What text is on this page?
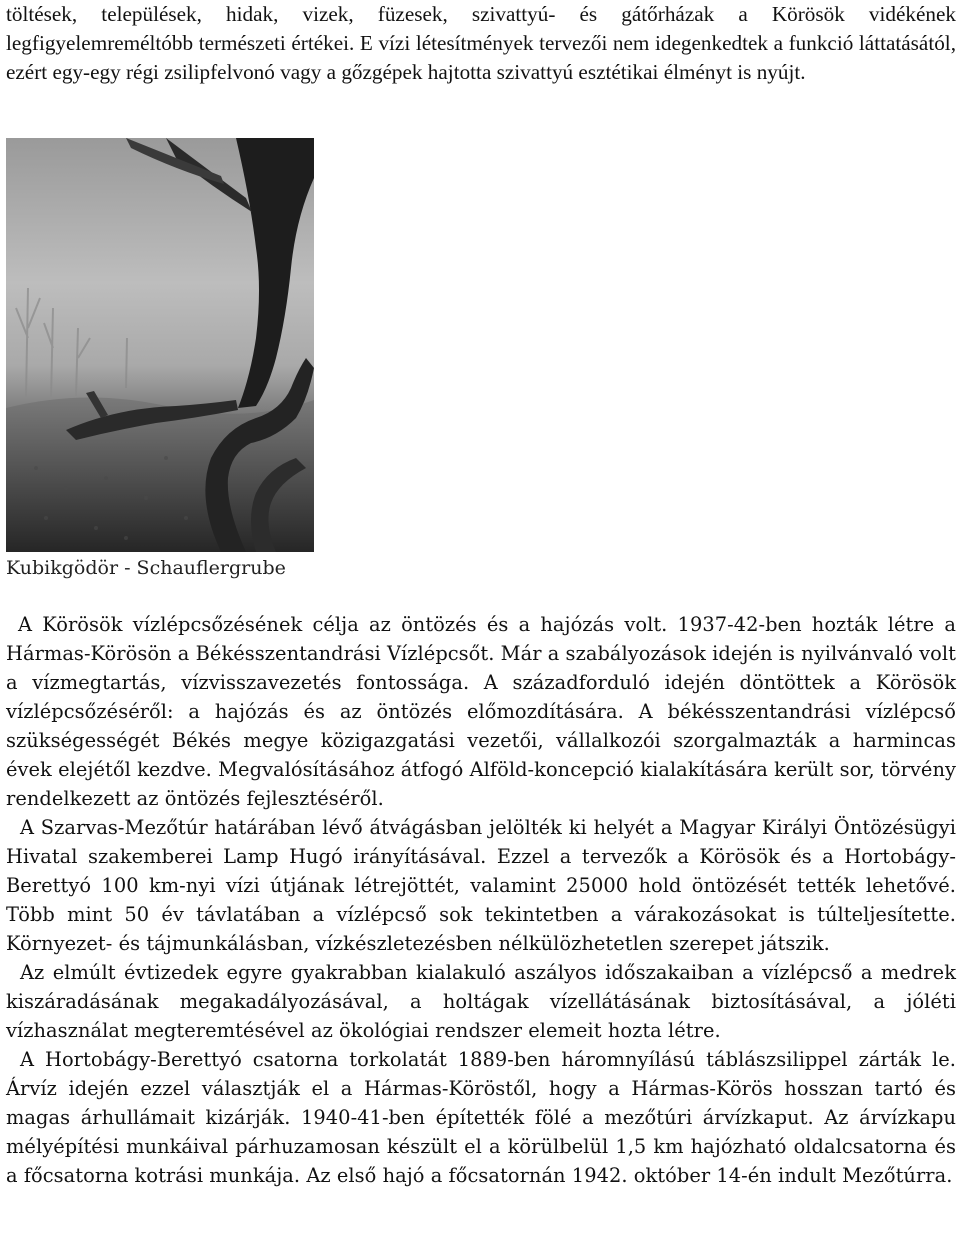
töltések, települések, hidak, vizek, füzesek, szivattyú- és gátőrházak a Körösök vidékének legfigyelemreméltóbb természeti értékei. E vízi létesítmények tervezői nem idegenkedtek a funkció láttatásától, ezért egy-egy régi zsilipfelvonó vagy a gőzgépek hajtotta szivattyú esztétikai élményt is nyújt.

Kubikgödör - Schauflergrube

A Körösök vízlépcsőzésének célja az öntözés és a hajózás volt. 1937-42-ben hozták létre a Hármas-Körösön a Békésszentandrási Vízlépcsőt. Már a szabályozások idején is nyilvánvaló volt a vízmegtartás, vízvisszavezetés fontossága. A századforduló idején döntöttek a Körösök vízlépcsőzéséről: a hajózás és az öntözés előmozdítására. A békésszentandrási vízlépcső szükségességét Békés megye közigazgatási vezetői, vállalkozói szorgalmazták a harmincas évek elejétől kezdve. Megvalósításához átfogó Alföld-koncepció kialakítására került sor, törvény rendelkezett az öntözés fejlesztéséről.

A Szarvas-Mezőtúr határában lévő átvágásban jelölték ki helyét a Magyar Királyi Öntözésügyi Hivatal szakemberei Lamp Hugó irányításával. Ezzel a tervezők a Körösök és a Hortobágy-Berettyó 100 km-nyi vízi útjának létrejöttét, valamint 25000 hold öntözését tették lehetővé. Több mint 50 év távlatában a vízlépcső sok tekintetben a várakozásokat is túlteljesítette. Környezet- és tájmunkálásban, vízkészletezésben nélkülözhetetlen szerepet játszik.

Az elmúlt évtizedek egyre gyakrabban kialakuló aszályos időszakaiban a vízlépcső a medrek kiszáradásának megakadályozásával, a holtágak vízellátásának biztosításával, a jóléti vízhasználat megteremtésével az ökológiai rendszer elemeit hozta létre.

A Hortobágy-Berettyó csatorna torkolatát 1889-ben háromnyílású táblászsilippel zárták le. Árvíz idején ezzel választják el a Hármas-Köröstől, hogy a Hármas-Körös hosszan tartó és magas árhullámait kizárják. 1940-41-ben építették fölé a mezőtúri árvízkaput. Az árvízkapu mélyépítési munkáival párhuzamosan készült el a körülbelül 1,5 km hajózható oldalcsatorna és a főcsatorna kotrási munkája. Az első hajó a főcsatornán 1942. október 14-én indult Mezőtúrra.
